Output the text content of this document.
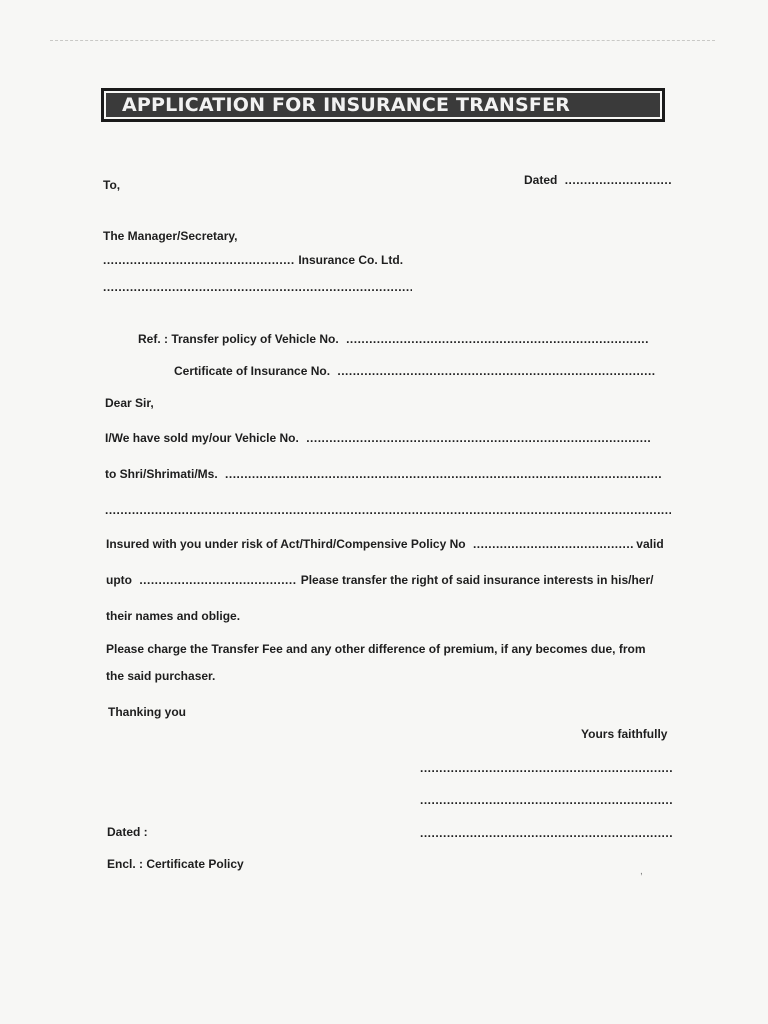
APPLICATION FOR INSURANCE TRANSFER
To,	Dated .....
The Manager/Secretary,
..... Insurance Co. Ltd.
.....
Ref. : Transfer policy of Vehicle No. .....
Certificate of Insurance No. .....
Dear Sir,
I/We have sold my/our Vehicle No. .....
to Shri/Shrimati/Ms. .....
.....
Insured with you under risk of Act/Third/Compensive Policy No .....	valid
upto .....	Please transfer the right of said insurance interests in his/her/
their names and oblige.
Please charge the Transfer Fee and any other difference of premium, if any becomes due, from
the said purchaser.
Thanking you
Yours faithfully
.....
.....
.....
Dated :
Encl. : Certificate Policy
,
